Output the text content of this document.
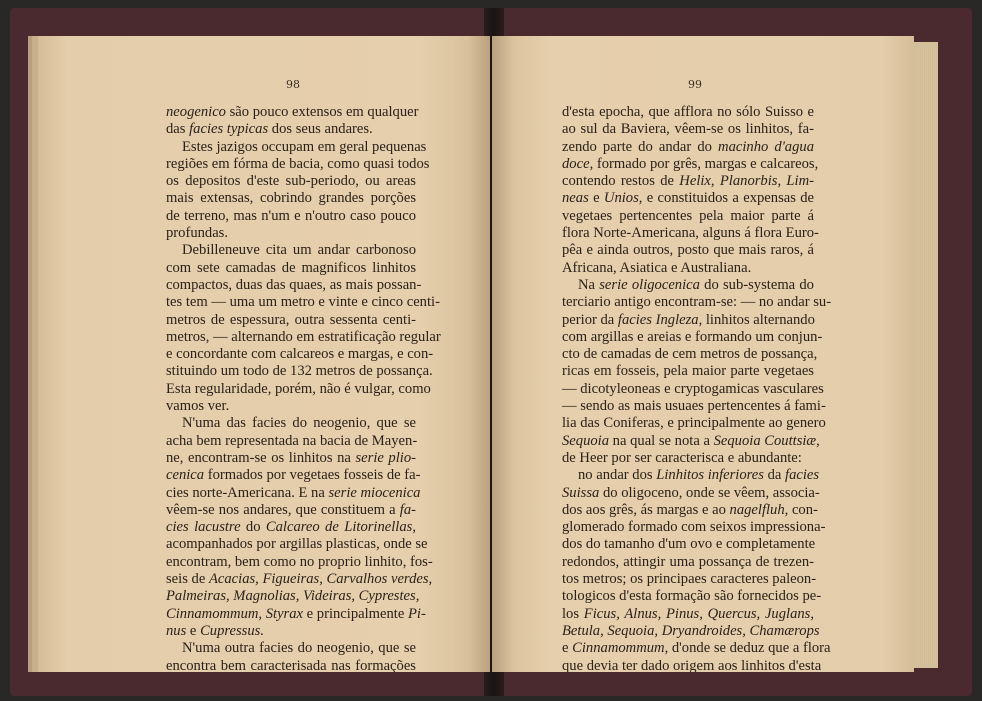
98
neogenico são pouco extensos em qualquer
das facies typicas dos seus andares.
Estes jazigos occupam em geral pequenas
regiões em fórma de bacia, como quasi todos
os depositos d'este sub-periodo, ou areas
mais extensas, cobrindo grandes porções
de terreno, mas n'um e n'outro caso pouco
profundas.
Debilleneuve cita um andar carbonoso
com sete camadas de magnificos linhitos
compactos, duas das quaes, as mais possan-
tes tem — uma um metro e vinte e cinco centi-
metros de espessura, outra sessenta centi-
metros, — alternando em estratificação regular
e concordante com calcareos e margas, e con-
stituindo um todo de 132 metros de possança.
Esta regularidade, porém, não é vulgar, como
vamos ver.
N'uma das facies do neogenio, que se
acha bem representada na bacia de Mayen-
ne, encontram-se os linhitos na serie plio-
cenica formados por vegetaes fosseis de fa-
cies norte-Americana. E na serie miocenica
vêem-se nos andares, que constituem a fa-
cies lacustre do Calcareo de Litorinellas,
acompanhados por argillas plasticas, onde se
encontram, bem como no proprio linhito, fos-
seis de Acacias, Figueiras, Carvalhos verdes,
Palmeiras, Magnolias, Videiras, Cyprestes,
Cinnamommum, Styrax e principalmente Pi-
nus e Cupressus.
N'uma outra facies do neogenio, que se
encontra bem caracterisada nas formações
99
d'esta epocha, que afflora no sólo Suisso e
ao sul da Baviera, vêem-se os linhitos, fa-
zendo parte do andar do macinho d'agua
doce, formado por grês, margas e calcareos,
contendo restos de Helix, Planorbis, Lim-
neas e Unios, e constituidos a expensas de
vegetaes pertencentes pela maior parte á
flora Norte-Americana, alguns á flora Euro-
pêa e ainda outros, posto que mais raros, á
Africana, Asiatica e Australiana.
Na serie oligocenica do sub-systema do
terciario antigo encontram-se: — no andar su-
perior da facies Ingleza, linhitos alternando
com argillas e areias e formando um conjun-
cto de camadas de cem metros de possança,
ricas em fosseis, pela maior parte vegetaes
— dicotyleoneas e cryptogamicas vasculares
— sendo as mais usuaes pertencentes á fami-
lia das Coniferas, e principalmente ao genero
Sequoia na qual se nota a Sequoia Couttsiæ,
de Heer por ser caracterisca e abundante:
no andar dos Linhitos inferiores da facies
Suissa do oligoceno, onde se vêem, associa-
dos aos grês, ás margas e ao nagelfluh, con-
glomerado formado com seixos impressiona-
dos do tamanho d'um ovo e completamente
redondos, attingir uma possança de trezen-
tos metros; os principaes caracteres paleon-
tologicos d'esta formação são fornecidos pe-
los Ficus, Alnus, Pinus, Quercus, Juglans,
Betula, Sequoia, Dryandroides, Chamærops
e Cinnamommum, d'onde se deduz que a flora
que devia ter dado origem aos linhitos d'esta
